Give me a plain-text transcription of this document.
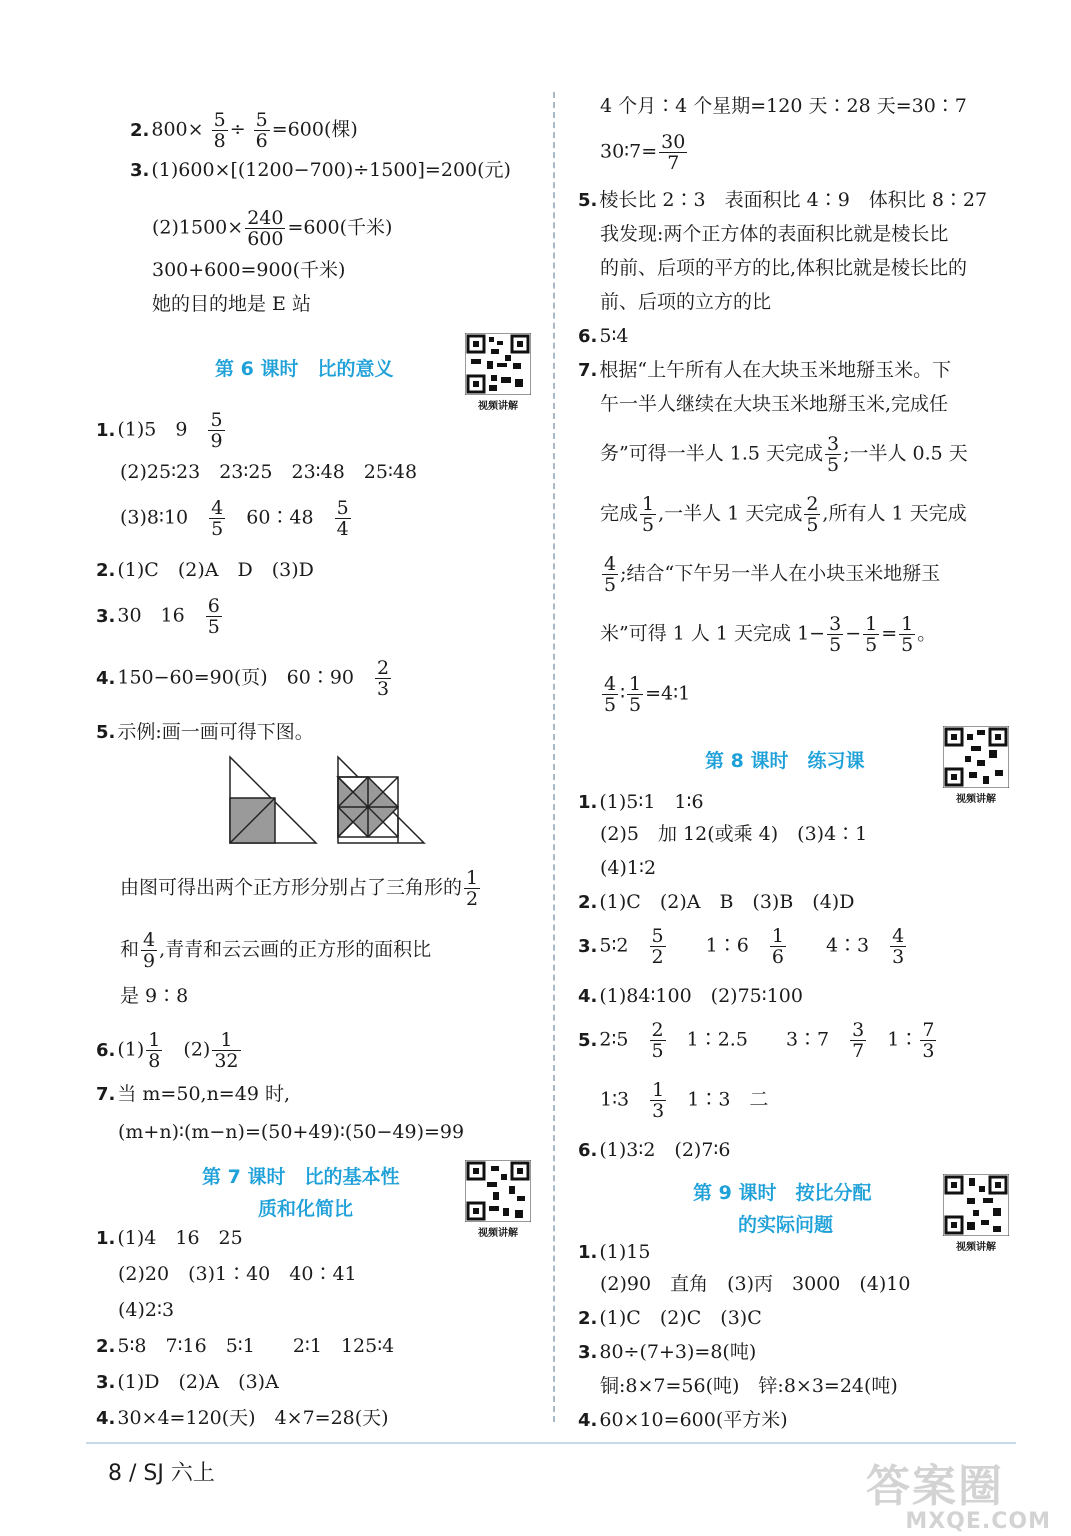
2. $800\times \frac{5}{8} \div \frac{5}{6} =600$(棵)
3. (1)600×[(1200−700)÷1500]=200(元)
$(2)1500\times \frac{240}{600} =600$(千米)
300+600=900(千米)
她的目的地是 E 站
第 6 课时　比的意义
视频讲解
1. (1)5　9　 $\frac{5}{9}$
(2)25∶23　23∶25　23∶48　25∶48
(3)8∶10　 $\frac{4}{5}$
　 60∶48　 $\frac{5}{4}$
2. (1)C　(2)A　D　(3)D
3. 30　16　 $\frac{6}{5}$
4. 150−60=90(页)　60∶90　 $\frac{2}{3}$
5. 示例:画一画可得下图。
由图可得出两个正方形分别占了三角形的 $\frac{1}{2}$
和 $\frac{4}{9}$ ,青青和云云画的正方形的面积比
是 9∶8
6. $(1) \frac{1}{8}$
　 $(2) \frac{1}{32}$
7. 当 m=50,n=49 时,
(m+n)∶(m−n)=(50+49)∶(50−49)=99
第 7 课时　比的基本性
质和化简比
视频讲解
1. (1)4　16　25
(2)20　(3)1∶40　40∶41
(4)2∶3
2. 5∶8　7∶16　5∶1　　2∶1　125∶4
3. (1)D　(2)A　(3)A
4. 30×4=120(天)　4×7=28(天)
4 个月∶4 个星期=120 天∶28 天=30∶7
30∶7= $\frac{30}{7}$
5. 棱长比 2∶3　表面积比 4∶9　体积比 8∶27
我发现:两个正方体的表面积比就是棱长比
的前、后项的平方的比,体积比就是棱长比的
前、后项的立方的比
6. 5∶4
7. 根据“上午所有人在大块玉米地掰玉米。下
午一半人继续在大块玉米地掰玉米,完成任
务”可得一半人 1.5 天完成 $\frac{3}{5}$ ;一半人 0.5 天
完成 $\frac{1}{5}$ ,一半人 1 天完成 $\frac{2}{5}$ ,所有人 1 天完成
$\frac{4}{5}$ ;结合“下午另一半人在小块玉米地掰玉
米”可得 1 人 1 天完成 $1- \frac{3}{5} - \frac{1}{5} = \frac{1}{5}$ 。
$\frac{4}{5}$ ∶ $\frac{1}{5}$ =4∶1
第 8 课时　练习课
视频讲解
1. (1)5∶1　1∶6
(2)5　加 12(或乘 4)　(3)4∶1
(4)1∶2
2. (1)C　(2)A　B　(3)B　(4)D
3. 5∶2　 $\frac{5}{2}$
　　 1∶6　 $\frac{1}{6}$
　　 4∶3　 $\frac{4}{3}$
4. (1)84∶100　(2)75∶100
5. 2∶5　 $\frac{2}{5}$
　 1∶2.5　　 3∶7　 $\frac{3}{7}$
　 1∶ $\frac{7}{3}$
1∶3　 $\frac{1}{3}$
　 1∶3　二
6. (1)3∶2　(2)7∶6
第 9 课时　按比分配
的实际问题
视频讲解
1. (1)15
(2)90　直角　(3)丙　3000　(4)10
2. (1)C　(2)C　(3)C
3. 80÷(7+3)=8(吨)
铜:8×7=56(吨)　锌:8×3=24(吨)
4. 60×10=600(平方米)
8 / SJ 六上	答案圈
MXQE.COM
